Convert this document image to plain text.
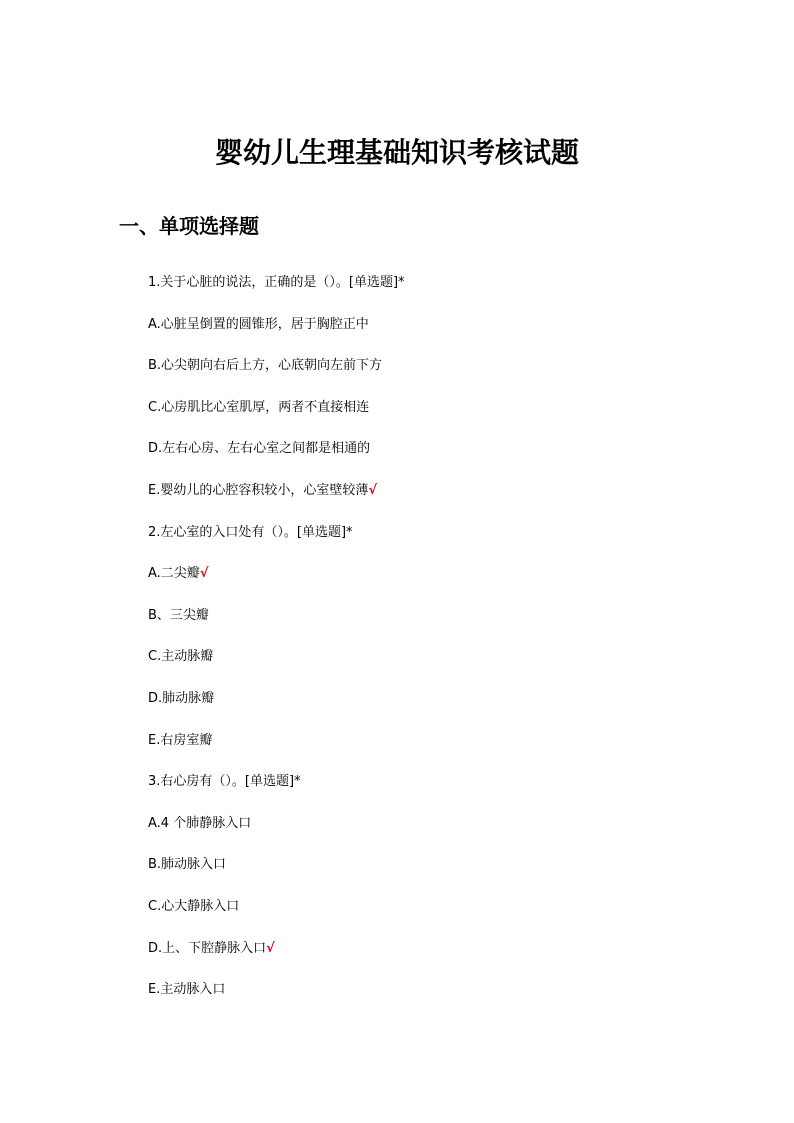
婴幼儿生理基础知识考核试题
一、单项选择题
1.关于心脏的说法，正确的是（）。[单选题]*
A.心脏呈倒置的圆锥形，居于胸腔正中
B.心尖朝向右后上方，心底朝向左前下方
C.心房肌比心室肌厚，两者不直接相连
D.左右心房、左右心室之间都是相通的
E.婴幼儿的心腔容积较小，心室壁较薄√
2.左心室的入口处有（）。[单选题]*
A.二尖瓣√
B、三尖瓣
C.主动脉瓣
D.肺动脉瓣
E.右房室瓣
3.右心房有（）。[单选题]*
A.4 个肺静脉入口
B.肺动脉入口
C.心大静脉入口
D.上、下腔静脉入口√
E.主动脉入口
